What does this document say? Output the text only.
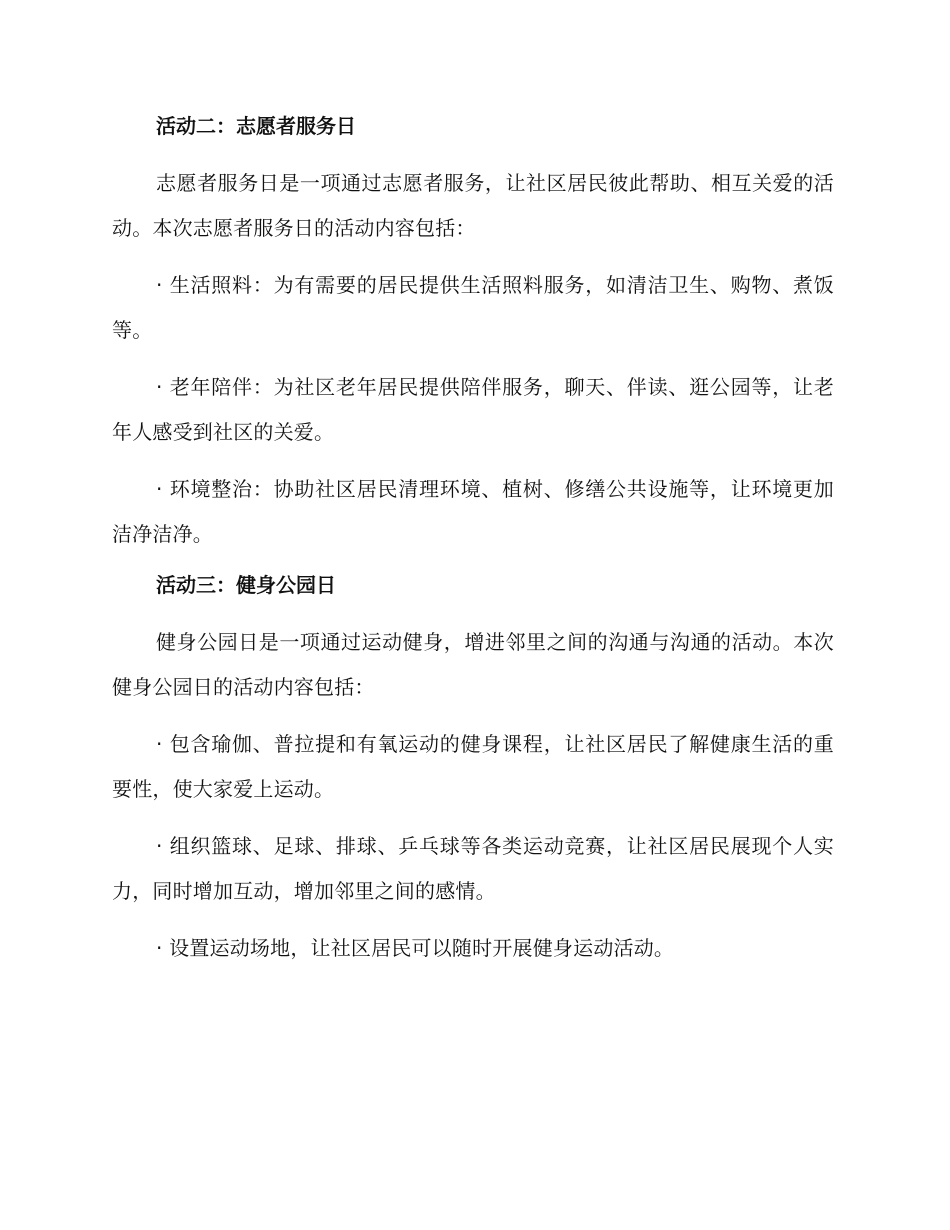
活动二：志愿者服务日
志愿者服务日是一项通过志愿者服务，让社区居民彼此帮助、相互关爱的活动。本次志愿者服务日的活动内容包括：
· 生活照料：为有需要的居民提供生活照料服务，如清洁卫生、购物、煮饭等。
· 老年陪伴：为社区老年居民提供陪伴服务，聊天、伴读、逛公园等，让老年人感受到社区的关爱。
· 环境整治：协助社区居民清理环境、植树、修缮公共设施等，让环境更加洁净洁净。
活动三：健身公园日
健身公园日是一项通过运动健身，增进邻里之间的沟通与沟通的活动。本次健身公园日的活动内容包括：
· 包含瑜伽、普拉提和有氧运动的健身课程，让社区居民了解健康生活的重要性，使大家爱上运动。
· 组织篮球、足球、排球、乒乓球等各类运动竞赛，让社区居民展现个人实力，同时增加互动，增加邻里之间的感情。
· 设置运动场地，让社区居民可以随时开展健身运动活动。
